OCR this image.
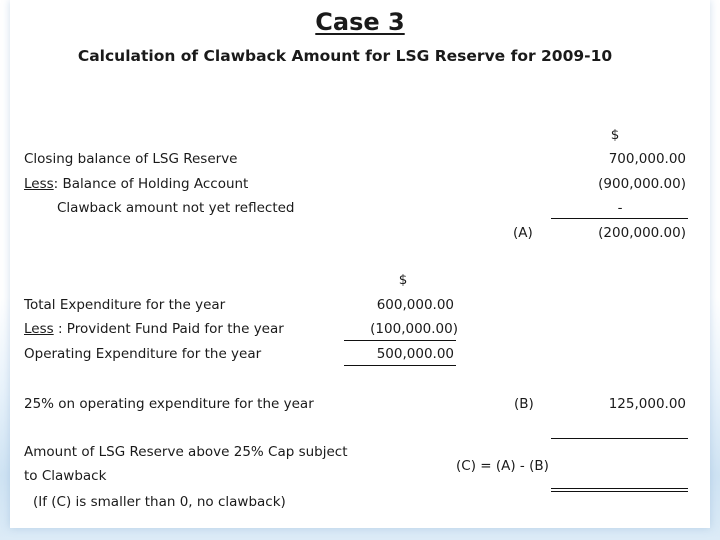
Case 3
Calculation of Clawback Amount for LSG Reserve for 2009-10
$
Closing balance of LSG Reserve	700,000.00
Less: Balance of Holding Account	(900,000.00)
Clawback amount not yet reflected	-
(A)	(200,000.00)
$
Total Expenditure for the year	600,000.00
Less : Provident Fund Paid for the year	(100,000.00)
Operating Expenditure for the year	500,000.00
25% on operating expenditure for the year	(B)	125,000.00
Amount of LSG Reserve above 25% Cap subject
to Clawback
(C) = (A) - (B)
(If (C) is smaller than 0, no clawback)
